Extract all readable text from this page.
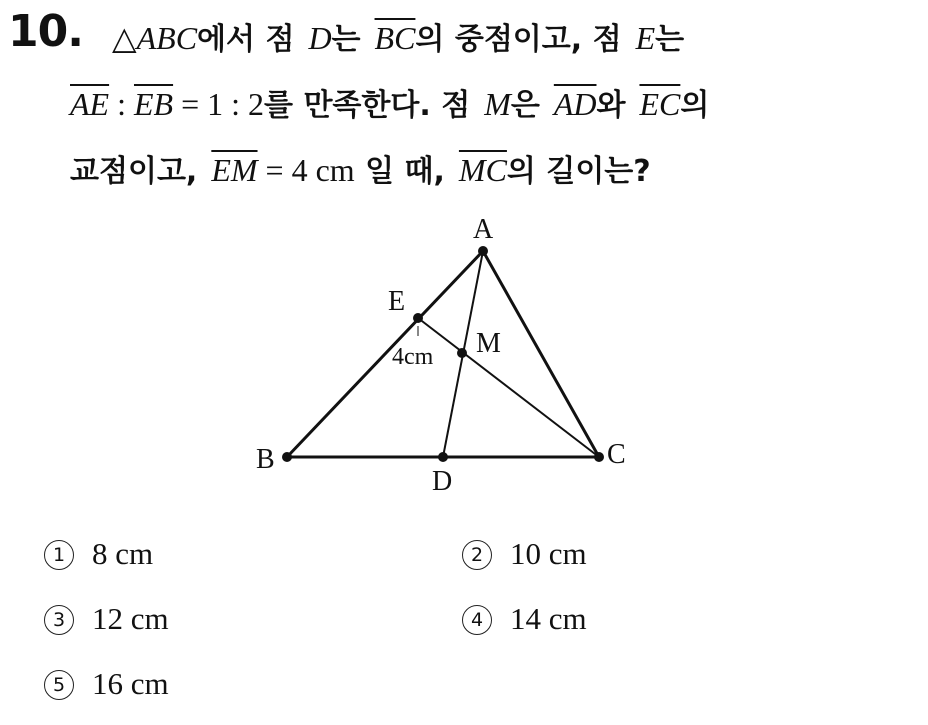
10. △ABC에서 점 D는 $\overline{BC}$의 중점이고, 점 E는
$\overline{AE}$ : $\overline{EB} = 1$ : 2를 만족한다. 점 M은 $\overline{AD}$와 $\overline{EC}$의
교점이고, $\overline{EM} = 4$ cm 일 때, $\overline{MC}$의 길이는?
A
E
M
B
D
C
4cm
1 8 cm	2 10 cm
3 12 cm	4 14 cm
5 16 cm
